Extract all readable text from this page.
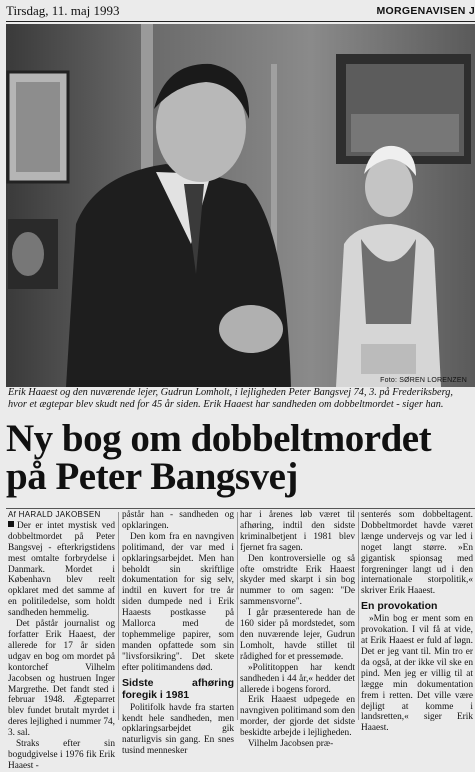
Tirsdag, 11. maj 1993	MORGENAVISEN J
Foto: SØREN LORENZEN
Erik Haaest og den nuværende lejer, Gudrun Lomholt, i lejligheden Peter Bangsvej 74, 3. på Frederiksberg, hvor et ægtepar blev skudt ned for 45 år siden. Erik Haaest har sandheden om dobbeltmordet - siger han.
Ny bog om dobbeltmordet
på Peter Bangsvej

Af HARALD JAKOBSEN

Der er intet mystisk ved dobbeltmordet på Peter Bangsvej - efterkrigstidens mest omtalte forbrydelse i Danmark. Mordet i København blev reelt opklaret med det samme af en politiledelse, som holdt sandheden hemmelig.

Det påstår journalist og forfatter Erik Haaest, der allerede for 17 år siden udgav en bog om mordet på kontorchef Vilhelm Jacobsen og hustruen Inger Margrethe. Det fandt sted i februar 1948. Ægteparret blev fundet brutalt myrdet i deres lejlighed i nummer 74, 3. sal.

Straks efter sin bogudgivelse i 1976 fik Erik Haaest -

påstår han - sandheden og opklaringen.

Den kom fra en navngiven politimand, der var med i opklaringsarbejdet. Men han beholdt sin skriftlige dokumentation for sig selv, indtil en kuvert for tre år siden dumpede ned i Erik Haaests postkasse på Mallorca med de tophemmelige papirer, som manden opfattede som sin "livsforsikring". Det skete efter politimandens død.

Sidste afhøring foregik i 1981

Politifolk havde fra starten kendt hele sandheden, men opklaringsarbejdet gik naturligvis sin gang. En snes tusind mennesker

har i årenes løb været til afhøring, indtil den sidste kriminalbetjent i 1981 blev fjernet fra sagen.

Den kontroversielle og så ofte omstridte Erik Haaest skyder med skarpt i sin bog nummer to om sagen: "De sammensvorne".

I går præsenterede han de 160 sider på mordstedet, som den nuværende lejer, Gudrun Lomholt, havde stillet til rådighed for et pressemøde.

»Polititoppen har kendt sandheden i 44 år,« hedder det allerede i bogens forord.

Erik Haaest udpegede en navngiven politimand som den morder, der gjorde det sidste beskidte arbejde i lejligheden.

Vilhelm Jacobsen præ-

senterés som dobbeltagent. Dobbeltmordet havde været længe undervejs og var led i noget langt større. »En gigantisk spionsag med forgreninger langt ud i den internationale storpolitik,« skriver Erik Haaest.

En provokation

»Min bog er ment som en provokation. I vil få at vide, at Erik Haaest er fuld af løgn. Det er jeg vant til. Min tro er da også, at der ikke vil ske en pind. Men jeg er villig til at lægge min dokumentation frem i retten. Det ville være dejligt at komme i landsretten,« siger Erik Haaest.
